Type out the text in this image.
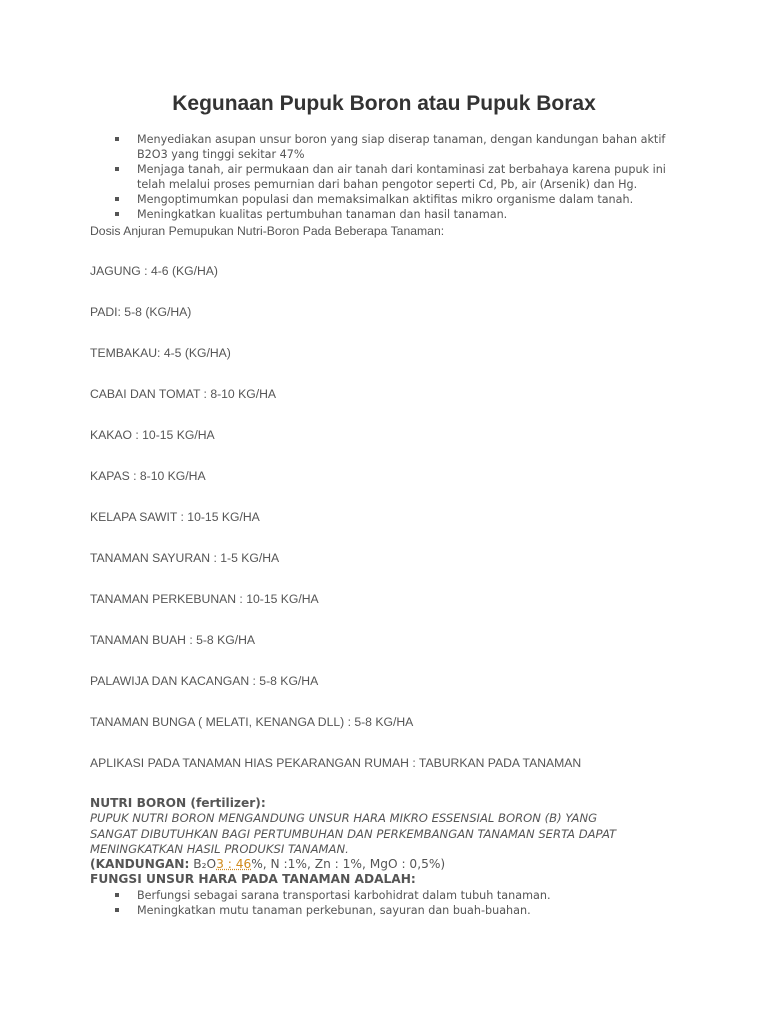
Kegunaan Pupuk Boron atau Pupuk Borax
Menyediakan asupan unsur boron yang siap diserap tanaman, dengan kandungan bahan aktif B2O3 yang tinggi sekitar 47%
Menjaga tanah, air permukaan dan air tanah dari kontaminasi zat berbahaya karena pupuk ini telah melalui proses pemurnian dari bahan pengotor seperti Cd, Pb, air (Arsenik) dan Hg.
Mengoptimumkan populasi dan memaksimalkan aktifitas mikro organisme dalam tanah.
Meningkatkan kualitas pertumbuhan tanaman dan hasil tanaman.

Dosis Anjuran Pemupukan Nutri-Boron Pada Beberapa Tanaman:

JAGUNG : 4-6 (KG/HA)

PADI: 5-8 (KG/HA)

TEMBAKAU: 4-5 (KG/HA)

CABAI DAN TOMAT : 8-10 KG/HA

KAKAO : 10-15 KG/HA

KAPAS : 8-10 KG/HA

KELAPA SAWIT : 10-15 KG/HA

TANAMAN SAYURAN : 1-5 KG/HA

TANAMAN PERKEBUNAN : 10-15 KG/HA

TANAMAN BUAH : 5-8 KG/HA

PALAWIJA DAN KACANGAN : 5-8 KG/HA

TANAMAN BUNGA ( MELATI, KENANGA DLL) : 5-8 KG/HA

APLIKASI PADA TANAMAN HIAS PEKARANGAN RUMAH : TABURKAN PADA TANAMAN

NUTRI BORON (fertilizer):
PUPUK NUTRI BORON MENGANDUNG UNSUR HARA MIKRO ESSENSIAL BORON (B) YANG
SANGAT DIBUTUHKAN BAGI PERTUMBUHAN DAN PERKEMBANGAN TANAMAN SERTA DAPAT
MENINGKATKAN HASIL PRODUKSI TANAMAN.
(KANDUNGAN: B₂O3 : 46%, N :1%, Zn : 1%, MgO : 0,5%)
FUNGSI UNSUR HARA PADA TANAMAN ADALAH:
Berfungsi sebagai sarana transportasi karbohidrat dalam tubuh tanaman.
Meningkatkan mutu tanaman perkebunan, sayuran dan buah-buahan.
